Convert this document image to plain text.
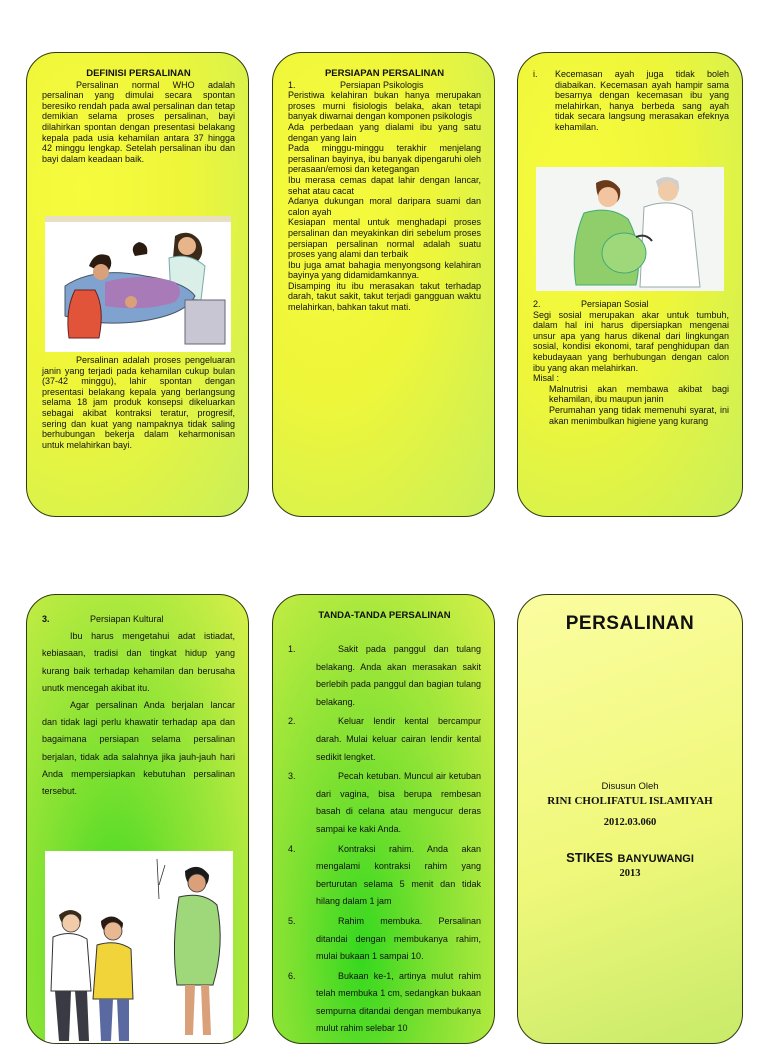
DEFINISI PERSALINAN
Persalinan normal WHO adalah persalinan yang dimulai secara spontan beresiko rendah pada awal persalinan dan tetap demikian selama proses persalinan, bayi dilahirkan spontan dengan presentasi belakang kepala pada usia kehamilan antara 37 hingga 42 minggu lengkap. Setelah persalinan ibu dan bayi dalam keadaan baik.
Persalinan adalah proses pengeluaran janin yang terjadi pada kehamilan cukup bulan (37-42 minggu), lahir spontan dengan presentasi belakang kepala yang berlangsung selama 18 jam produk konsepsi dikeluarkan sebagai akibat kontraksi teratur, progresif, sering dan kuat yang nampaknya tidak saling berhubungan bekerja dalam keharmonisan untuk melahirkan bayi.
PERSIAPAN PERSALINAN
1.	Persiapan Psikologis
Peristiwa kelahiran bukan hanya merupakan proses murni fisiologis belaka, akan tetapi banyak diwarnai dengan komponen psikologis
Ada perbedaan yang dialami ibu yang satu dengan yang lain
Pada minggu-minggu terakhir menjelang persalinan bayinya, ibu banyak dipengaruhi oleh perasaan/emosi dan ketegangan
Ibu merasa cemas dapat lahir dengan lancar, sehat atau cacat
Adanya dukungan moral daripara suami dan calon ayah
Kesiapan mental untuk menghadapi proses persalinan dan meyakinkan diri sebelum proses persiapan persalinan normal adalah suatu proses yang alami dan terbaik
Ibu juga amat bahagia menyongsong kelahiran bayinya yang didamidamkannya.
Disamping itu ibu merasakan takut terhadap darah, takut sakit, takut terjadi gangguan waktu melahirkan, bahkan takut mati.
i.	Kecemasan ayah juga tidak boleh diabaikan. Kecemasan ayah hampir sama besarnya dengan kecemasan ibu yang melahirkan, hanya berbeda sang ayah tidak secara langsung merasakan efeknya kehamilan.
2.	Persiapan Sosial
Segi sosial merupakan akar untuk tumbuh, dalam hal ini harus dipersiapkan mengenai unsur apa yang harus dikenal dari lingkungan sosial, kondisi ekonomi, taraf penghidupan dan kebudayaan yang berhubungan dengan calon ibu yang akan melahirkan.
Misal :
Malnutrisi akan membawa akibat bagi kehamilan, ibu maupun janin
Perumahan yang tidak memenuhi syarat, ini akan menimbulkan higiene yang kurang
3.	Persiapan Kultural
Ibu harus mengetahui adat istiadat, kebiasaan, tradisi dan tingkat hidup yang kurang baik terhadap kehamilan dan berusaha unutk mencegah akibat itu.
Agar persalinan Anda berjalan lancar dan tidak lagi perlu khawatir terhadap apa dan bagaimana persiapan selama persalinan berjalan, tidak ada salahnya jika jauh-jauh hari Anda mempersiapkan kebutuhan persalinan tersebut.
TANDA-TANDA PERSALINAN
1.	Sakit pada panggul dan tulang belakang. Anda akan merasakan sakit berlebih pada panggul dan bagian tulang belakang.
2.	Keluar lendir kental bercampur darah. Mulai keluar cairan lendir kental sedikit lengket.
3.	Pecah ketuban. Muncul air ketuban dari vagina, bisa berupa rembesan basah di celana atau mengucur deras sampai ke kaki Anda.
4.	Kontraksi rahim. Anda akan mengalami kontraksi rahim yang berturutan selama 5 menit dan tidak hilang dalam 1 jam
5.	Rahim membuka. Persalinan ditandai dengan membukanya rahim, mulai bukaan 1 sampai 10.
6.	Bukaan ke-1, artinya mulut rahim telah membuka 1 cm, sedangkan bukaan sempurna ditandai dengan membukanya mulut rahim selebar 10
PERSALINAN
Disusun Oleh
RINI CHOLIFATUL ISLAMIYAH
2012.03.060
STIKES BANYUWANGI
2013
